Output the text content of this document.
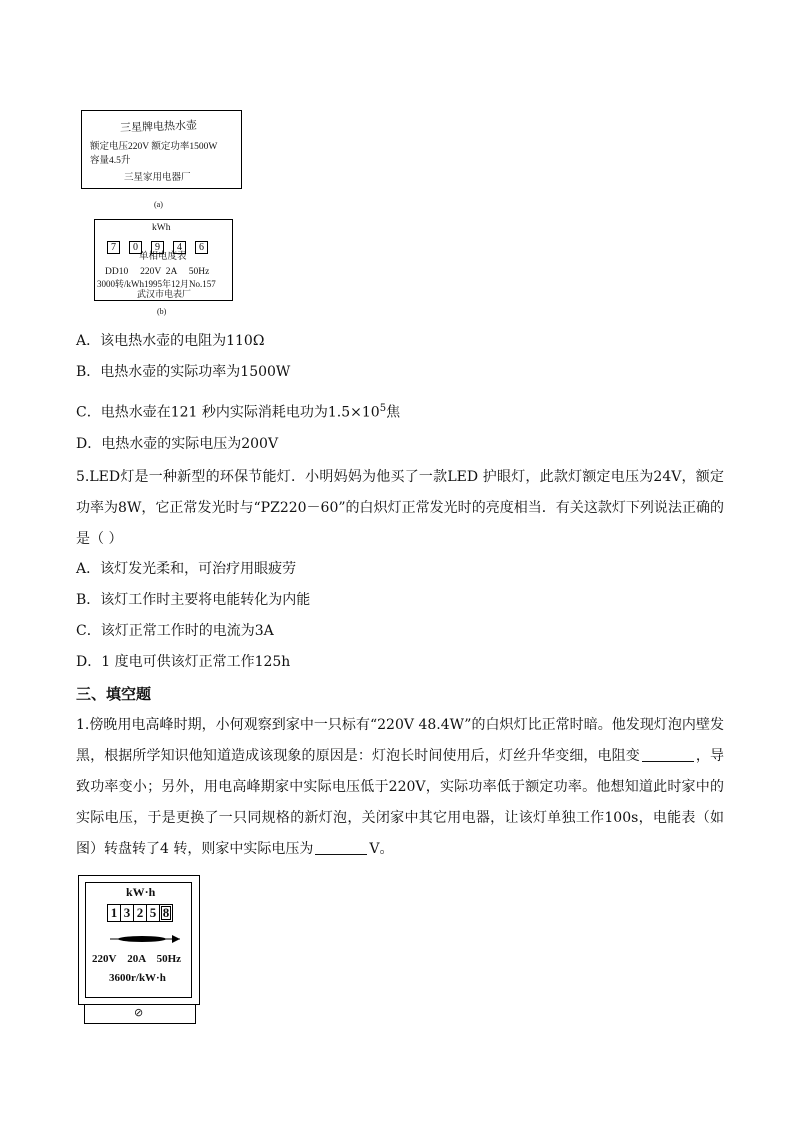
三星牌电热水壶
额定电压220V 额定功率1500W
容量4.5升
三星家用电器厂
(a)
kWh
7 0 9 4 6
单相电度表
DD10     220V  2A     50Hz
3000转/kWh1995年12月No.157
武汉市电表厂
(b)
A．该电热水壶的电阻为110Ω
B．电热水壶的实际功率为1500W
C．电热水壶在121 秒内实际消耗电功为$1.5\times 10^5$焦
D．电热水壶的实际电压为200V
5.LED灯是一种新型的环保节能灯．小明妈妈为他买了一款LED 护眼灯，此款灯额定电压为24V，额定功率为8W，它正常发光时与“PZ220－60”的白炽灯正常发光时的亮度相当．有关这款灯下列说法正确的是（ ）
A．该灯发光柔和，可治疗用眼疲劳
B．该灯工作时主要将电能转化为内能
C．该灯正常工作时的电流为3A
D．1 度电可供该灯正常工作125h
三、填空题
1.傍晚用电高峰时期，小何观察到家中一只标有“220V 48.4W”的白炽灯比正常时暗。他发现灯泡内壁发黑，根据所学知识他知道造成该现象的原因是：灯泡长时间使用后，灯丝升华变细，电阻变	，导致功率变小；另外，用电高峰期家中实际电压低于220V，实际功率低于额定功率。他想知道此时家中的实际电压，于是更换了一只同规格的新灯泡，关闭家中其它用电器，让该灯单独工作100s，电能表（如图）转盘转了4 转，则家中实际电压为	V。
kW·h
1 3 2 5 8
220V    20A    50Hz
3600r/kW·h
⊘
